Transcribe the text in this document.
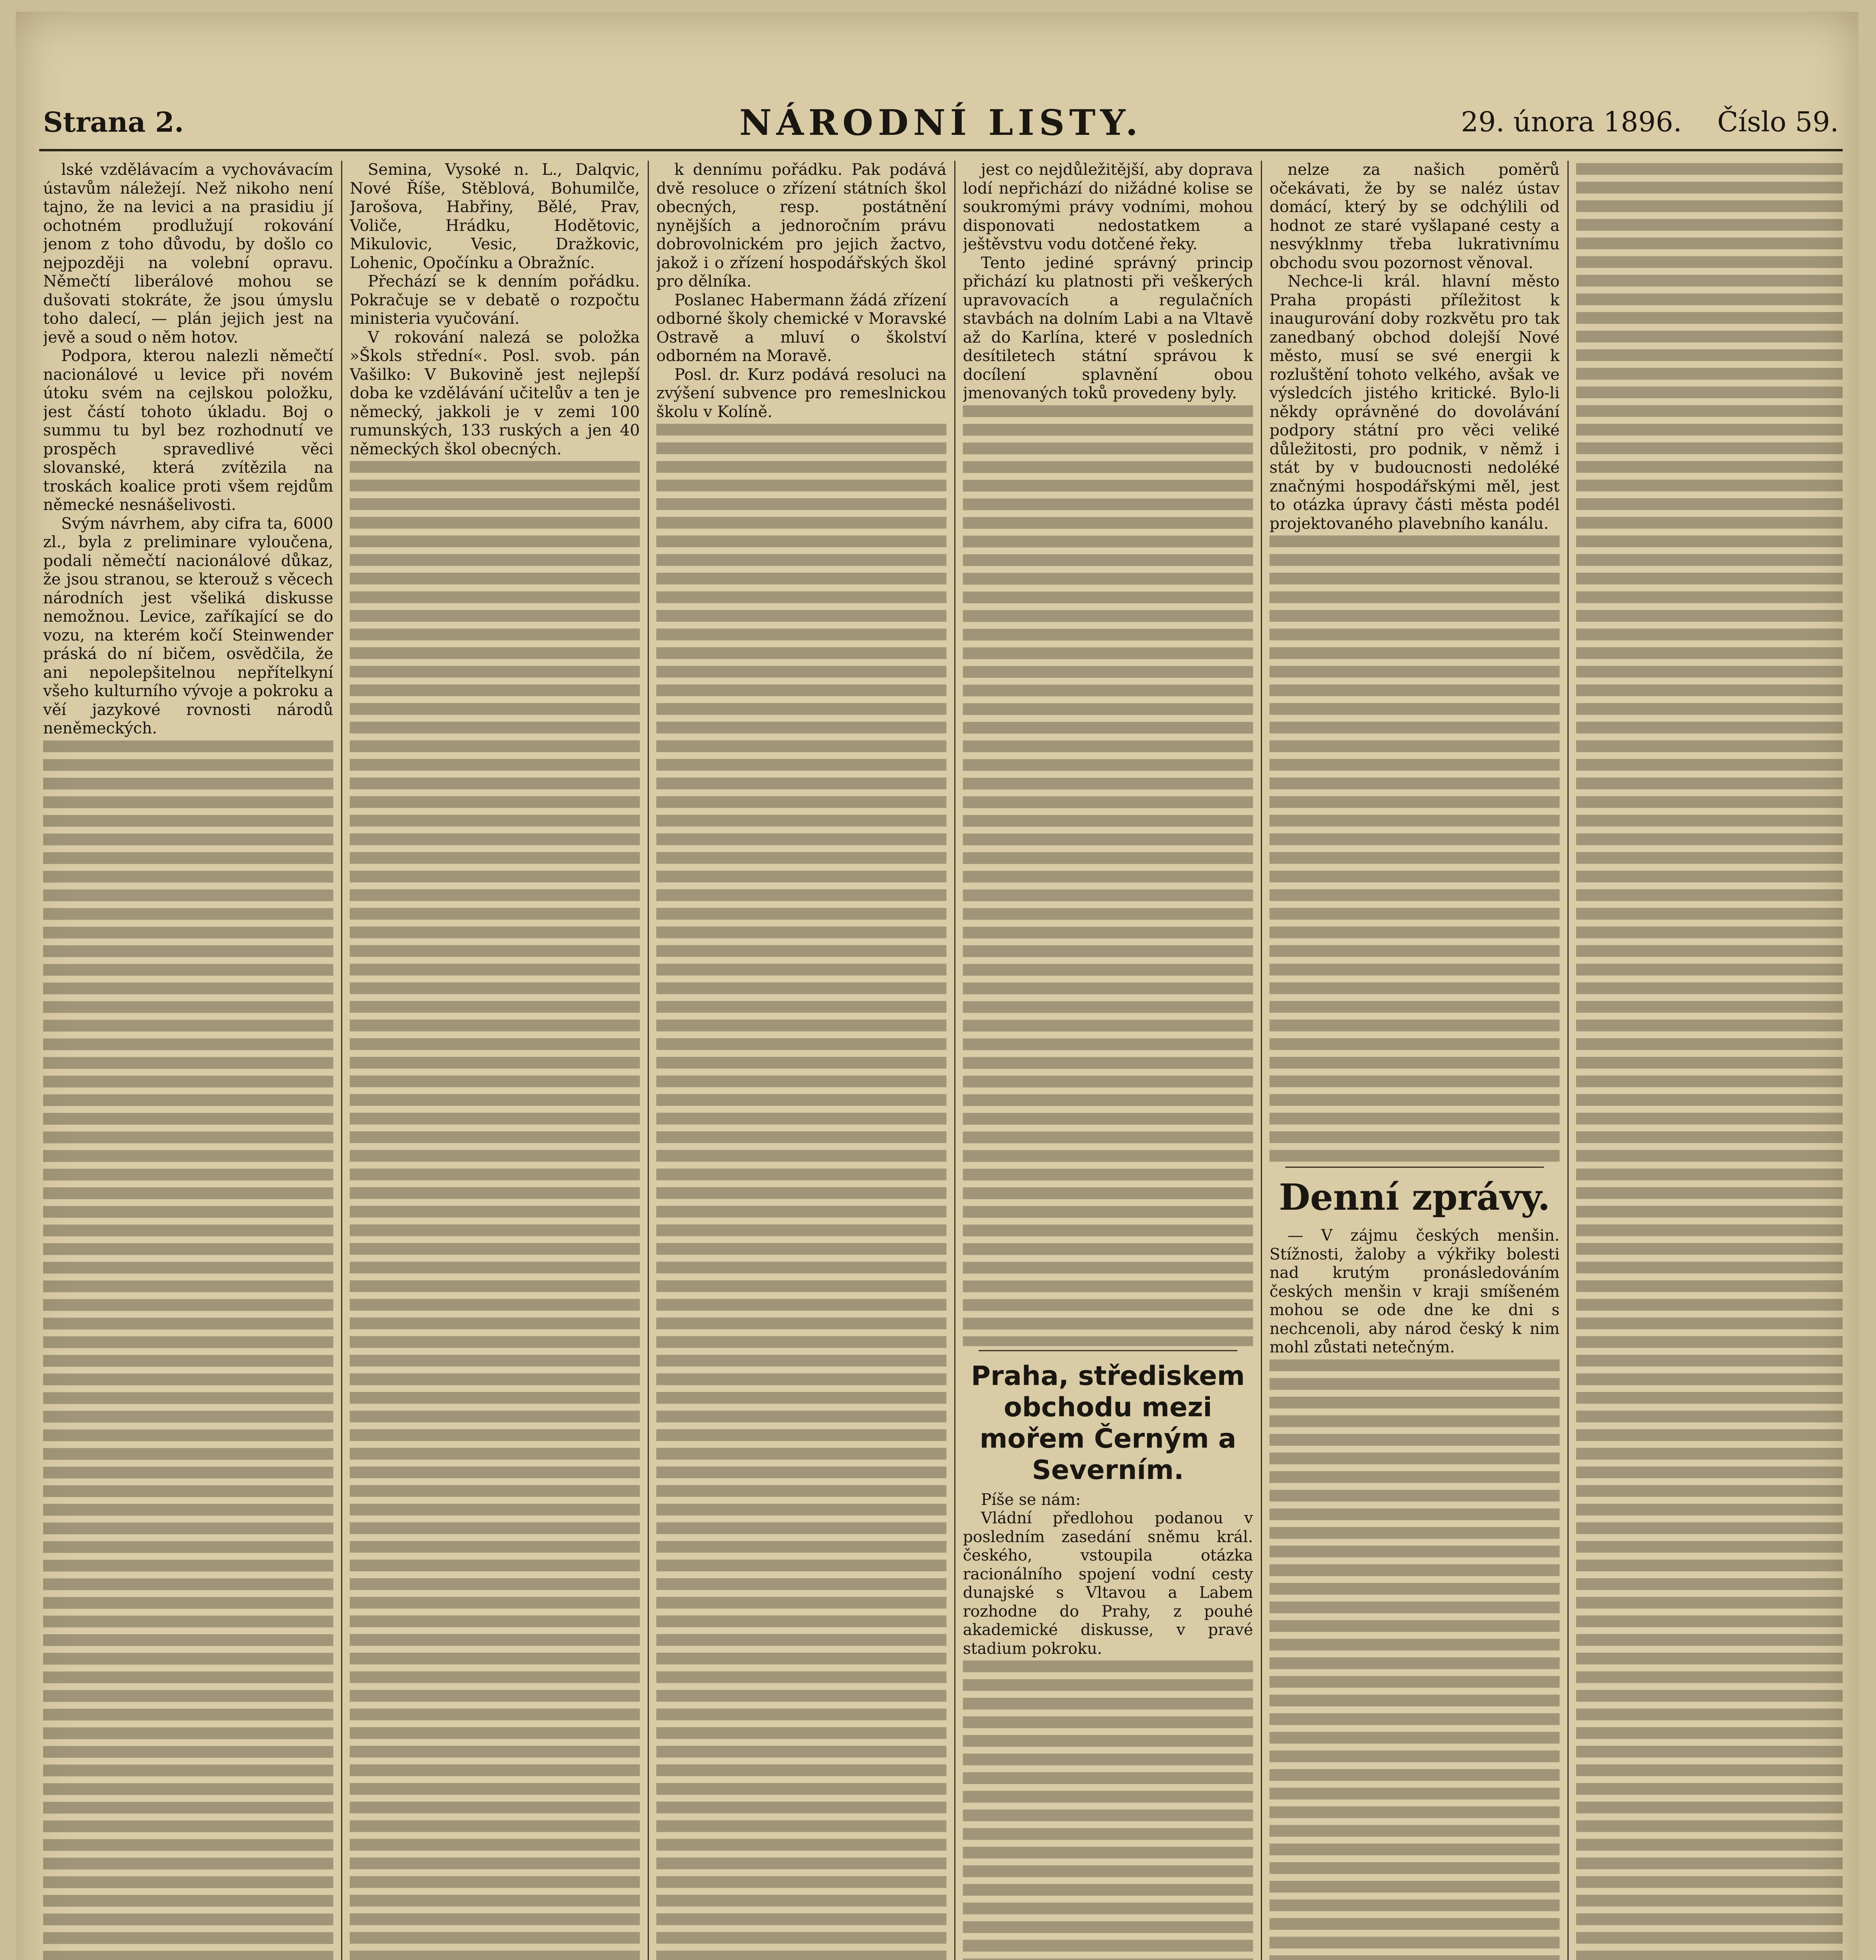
Strana 2.	NÁRODNÍ LISTY.	29. února 1896. Číslo 59.

lské vzdělávacím a vychovávacím ústavům náležejí. Než nikoho není tajno, že na levici a na prasidiu jí ochotném prodlužují rokování jenom z toho důvodu, by došlo co nejpozději na volební opravu. Němečtí liberálové mohou se dušovati stokráte, že jsou úmyslu toho dalecí, — plán jejich jest na jevě a soud o něm hotov.

Podpora, kterou nalezli němečtí nacionálové u levice při novém útoku svém na cejlskou položku, jest částí tohoto úkladu. Boj o summu tu byl bez rozhodnutí ve prospěch spravedlivé věci slovanské, která zvítězila na troskách koalice proti všem rejdům německé nesnášelivosti.

Svým návrhem, aby cifra ta, 6000 zl., byla z preliminare vyloučena, podali němečtí nacionálové důkaz, že jsou stranou, se kterouž s věcech národních jest všeliká diskusse nemožnou. Levice, zaříkající se do vozu, na kterém kočí Steinwender práská do ní bičem, osvědčila, že ani nepolepšitelnou nepřítelkyní všeho kulturního vývoje a pokroku a věí jazykové rovnosti národů neněmeckých.

Semina, Vysoké n. L., Dalqvic, Nové Říše, Stěblová, Bohumilče, Jarošova, Habřiny, Bělé, Prav, Voliče, Hrádku, Hodětovic, Mikulovic, Vesic, Dražkovic, Lohenic, Opočínku a Obražníc.

Přechází se k denním pořádku. Pokračuje se v debatě o rozpočtu ministeria vyučování.

V rokování nalezá se položka »Škols střední«. Posl. svob. pán Vašilko: V Bukovině jest nejlepší doba ke vzdělávání učitelův a ten je německý, jakkoli je v zemi 100 rumunských, 133 ruských a jen 40 německých škol obecných.

k dennímu pořádku. Pak podává dvě resoluce o zřízení státních škol obecných, resp. postátnění nynějších a jednoročním právu dobrovolnickém pro jejich žactvo, jakož i o zřízení hospodářských škol pro dělníka.

Poslanec Habermann žádá zřízení odborné školy chemické v Moravské Ostravě a mluví o školství odborném na Moravě.

Posl. dr. Kurz podává resoluci na zvýšení subvence pro remeslnickou školu v Kolíně.

jest co nejdůležitější, aby doprava lodí nepřichází do nižádné kolise se soukromými právy vodními, mohou disponovati nedostatkem a ještěvstvu vodu dotčené řeky.

Tento jediné správný princip přichází ku platnosti při veškerých upravovacích a regulačních stavbách na dolním Labi a na Vltavě až do Karlína, které v posledních desítiletech státní správou k docílení splavnění obou jmenovaných toků provedeny byly.

Praha, střediskem obchodu mezi mořem Černým a Severním.

Píše se nám:

Vládní předlohou podanou v posledním zasedání sněmu král. českého, vstoupila otázka racionálního spojení vodní cesty dunajské s Vltavou a Labem rozhodne do Prahy, z pouhé akademické diskusse, v pravé stadium pokroku.

nelze za našich poměrů očekávati, že by se naléz ústav domácí, který by se odchýlili od hodnot ze staré vyšlapané cesty a nesvýklnmy třeba lukrativnímu obchodu svou pozornost věnoval.

Nechce-li král. hlavní město Praha propásti příležitost k inaugurování doby rozkvětu pro tak zanedbaný obchod dolejší Nové město, musí se své energii k rozluštění tohoto velkého, avšak ve výsledcích jistého kritické. Bylo-li někdy oprávněné do dovolávání podpory státní pro věci veliké důležitosti, pro podnik, v němž i stát by v budoucnosti nedoléké značnými hospodářskými měl, jest to otázka úpravy části města podél projektovaného plavebního kanálu.

Denní zprávy.

— V zájmu českých menšin. Stížnosti, žaloby a výkřiky bolesti nad krutým pronásledováním českých menšin v kraji smíšeném mohou se ode dne ke dni s nechcenoli, aby národ český k nim mohl zůstati netečným.
